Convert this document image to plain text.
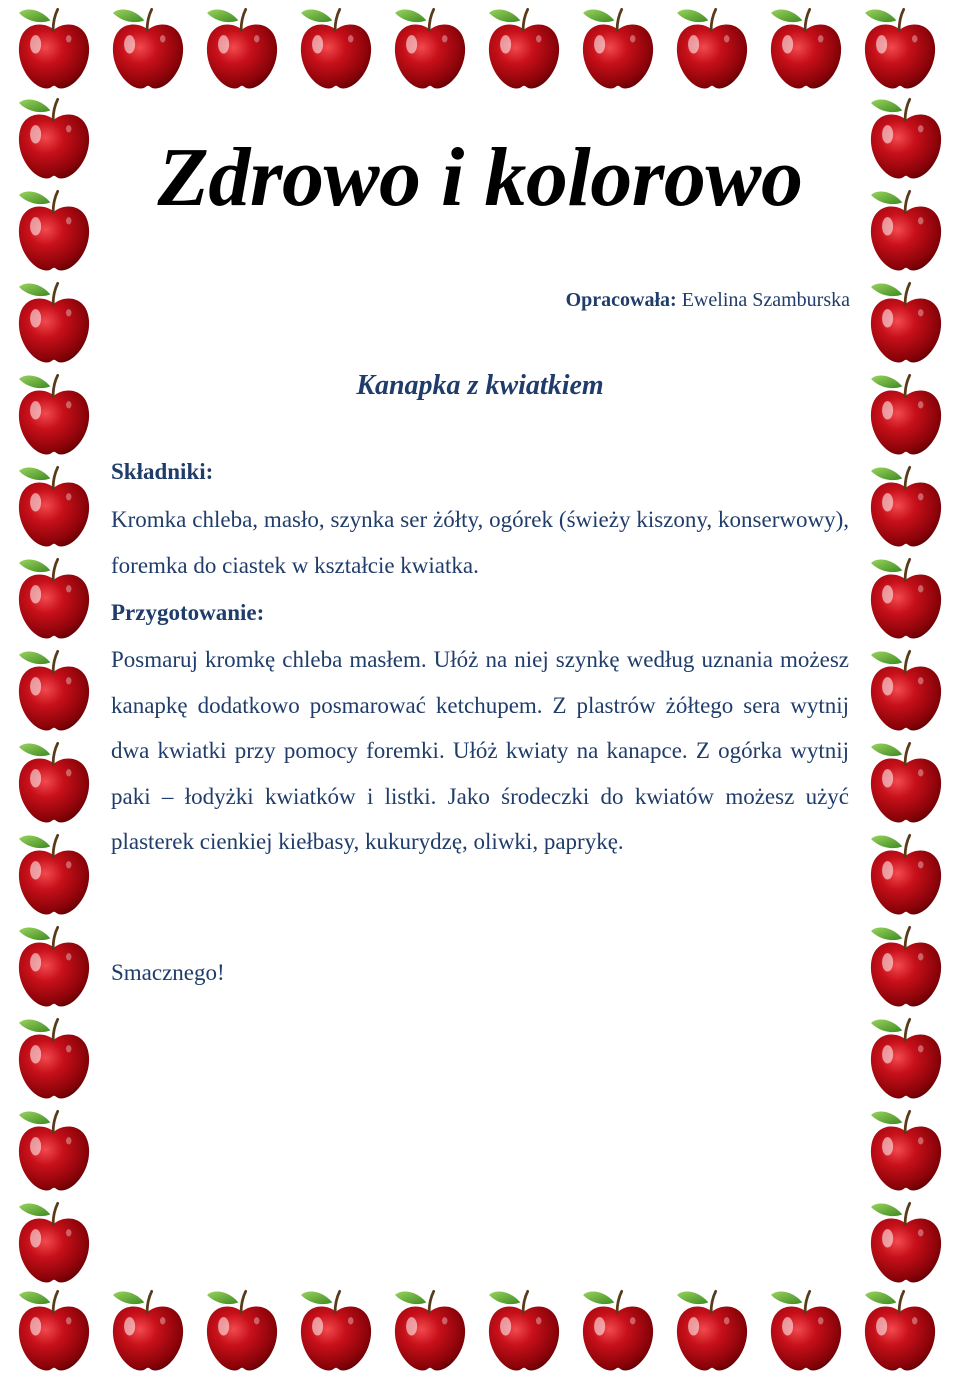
Zdrowo i kolorowo
Opracowała: Ewelina Szamburska
Kanapka z kwiatkiem
Składniki:
Kromka chleba, masło, szynka ser żółty, ogórek (świeży kiszony, konserwowy), foremka do ciastek w kształcie kwiatka.
Przygotowanie:
Posmaruj kromkę chleba masłem. Ułóż na niej szynkę według uznania możesz kanapkę dodatkowo posmarować ketchupem. Z plastrów żółtego sera wytnij dwa kwiatki przy pomocy foremki. Ułóż kwiaty na kanapce. Z ogórka wytnij paki – łodyżki kwiatków i listki. Jako środeczki do kwiatów możesz użyć plasterek cienkiej kiełbasy, kukurydzę, oliwki, paprykę.
Smacznego!
